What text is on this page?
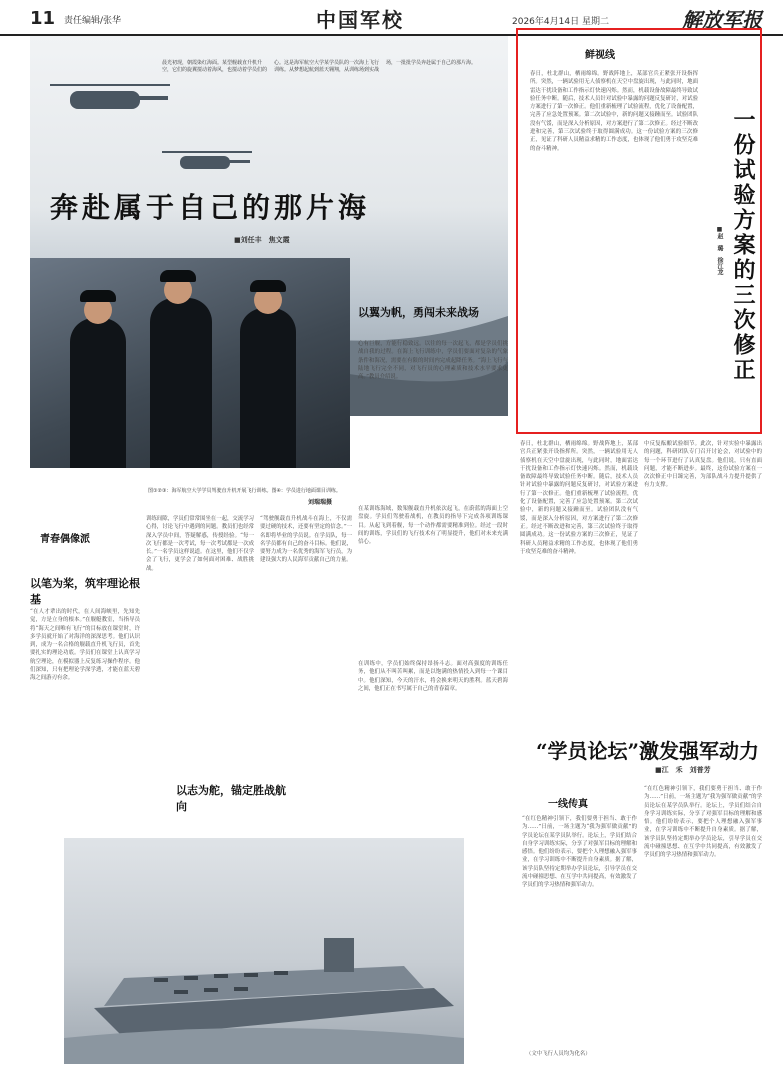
11 责任编辑/张华	中国军校	2026年4月14日 星期二	解放军报
晨光初现，朝霞染红海面。某型舰载直升机升空，它们的旋翼搅动着海风，也搅动着学员们的心。这是海军航空大学某学员队的一次海上飞行训练。从梦想起航到蓝天翱翔，从训练场到实战场，一批批学员奔赴属于自己的那片海。
奔赴属于自己的那片海
■刘任丰　焦文霞
图①②③：海军航空大学学员驾驶直升机开展飞行训练。图④：学员进行地面课目训练。
刘瑞瑞摄
以翼为帆，勇闯未来战场
心有巨舰，方能行稳致远。以往的每一次起飞，都是学员们挑战自我的过程。在海上飞行训练中，学员们要面对复杂的气象条件和海况，需要在有限的时间内完成起降任务。“海上飞行与陆地飞行完全不同，对飞行员的心理素质和技术水平要求更高。”教员介绍说。
在某训练海域，数架舰载直升机依次起飞，在蔚蓝的海面上空盘旋。学员们驾驶着战机，在教员的指导下完成各项训练课目。从起飞到着舰，每一个动作都需要精准到位。经过一段时间的训练，学员们的飞行技术有了明显提升，他们对未来充满信心。
青春偶像派
以笔为桨，筑牢理论根基
“在人才辈出的时代，在人间海峡里，先知先觉，方是立身的根本。”在舰艇教室，当指导员将“海天之间唯有飞行”的目标放在课堂时，许多学员就开始了对海洋的深深思考。他们认识到，成为一名合格的舰载直升机飞行员，首先要扎实的理论功底。学员们在课堂上认真学习航空理论，在模拟器上反复练习操作程序。他们深知，只有把理论学深学透，才能在蓝天碧海之间游刃有余。
训练间隙，学员们常常围坐在一起，交流学习心得，讨论飞行中遇到的问题。教员们也经常深入学员中间，答疑解惑，传授经验。“每一次飞行都是一次考试，每一次考试都是一次成长。”一名学员这样说道。在这里，他们不仅学会了飞行，更学会了如何面对困难、战胜挑战。
“驾驶舰载直升机战斗在海上，不仅需要过硬的技术，还要有坚定的信念。”一名即将毕业的学员说。在学员队，每一名学员都有自己的奋斗目标。他们说，要努力成为一名优秀的海军飞行员，为建设强大的人民海军贡献自己的力量。
以志为舵，锚定胜战航向
在训练中，学员们始终保持昂扬斗志。面对高强度的训练任务，他们从不叫苦叫累，而是以饱满的热情投入到每一个课目中。他们深知，今天的汗水，将会换来明天的胜利。蓝天碧海之间，他们正在书写属于自己的青春篇章。
鲜视线
春日，杜北群山，栖雨绵绵。野战阵地上，某部官兵正紧张开设指挥所。突然，一辆试验用无人侦察机在天空中盘旋出现，与此同时，地面雷达干扰设备和工作指示灯快速闪烁。然而，机载设备故障最终导致试验任务中断。随后，技术人员针对试验中暴露的问题反复研讨，对试验方案进行了第一次修正。他们重新梳理了试验流程，优化了设备配置，完善了应急处置预案。第二次试验中，新的问题又接踵而至。试验团队没有气馁，而是深入分析原因，对方案进行了第二次修正。经过不断改进和完善，第三次试验终于取得圆满成功。这一份试验方案的三次修正，见证了科研人员精益求精的工作态度，也体现了他们勇于攻坚克难的奋斗精神。	一份试验方案的三次修正
■赵　璐　徐江龙
春日，杜北群山，栖雨绵绵。野战阵地上，某部官兵正紧张开设指挥所。突然，一辆试验用无人侦察机在天空中盘旋出现，与此同时，地面雷达干扰设备和工作指示灯快速闪烁。然而，机载设备故障最终导致试验任务中断。随后，技术人员针对试验中暴露的问题反复研讨，对试验方案进行了第一次修正。他们重新梳理了试验流程，优化了设备配置，完善了应急处置预案。第二次试验中，新的问题又接踵而至。试验团队没有气馁，而是深入分析原因，对方案进行了第二次修正。经过不断改进和完善，第三次试验终于取得圆满成功。这一份试验方案的三次修正，见证了科研人员精益求精的工作态度，也体现了他们勇于攻坚克难的奋斗精神。
中反复酝酿试验细节。此次，针对实验中暴露出的问题，科研团队专门召开讨论会，对试验中的每一个环节进行了认真复盘。他们说，只有直面问题，才能不断进步。最终，这份试验方案在一次次修正中日臻完善，为部队战斗力提升提供了有力支撑。
“学员论坛”激发强军动力
■江　禾　刘普芳
一线传真
“在红色精神引领下，我们要勇于担当、敢于作为……”日前，一场主题为“我为强军做贡献”的学员论坛在某学员队举行。论坛上，学员们结合自身学习训练实际，分享了对强军目标的理解和感悟。他们纷纷表示，要把个人理想融入强军事业，在学习训练中不断提升自身素质。据了解，该学员队坚持定期举办学员论坛，引导学员在交流中碰撞思想、在互学中共同提高，有效激发了学员们的学习热情和强军动力。
“在红色精神引领下，我们要勇于担当、敢于作为……”日前，一场主题为“我为强军做贡献”的学员论坛在某学员队举行。论坛上，学员们结合自身学习训练实际，分享了对强军目标的理解和感悟。他们纷纷表示，要把个人理想融入强军事业，在学习训练中不断提升自身素质。据了解，该学员队坚持定期举办学员论坛，引导学员在交流中碰撞思想、在互学中共同提高，有效激发了学员们的学习热情和强军动力。
（文中飞行人员均为化名）
